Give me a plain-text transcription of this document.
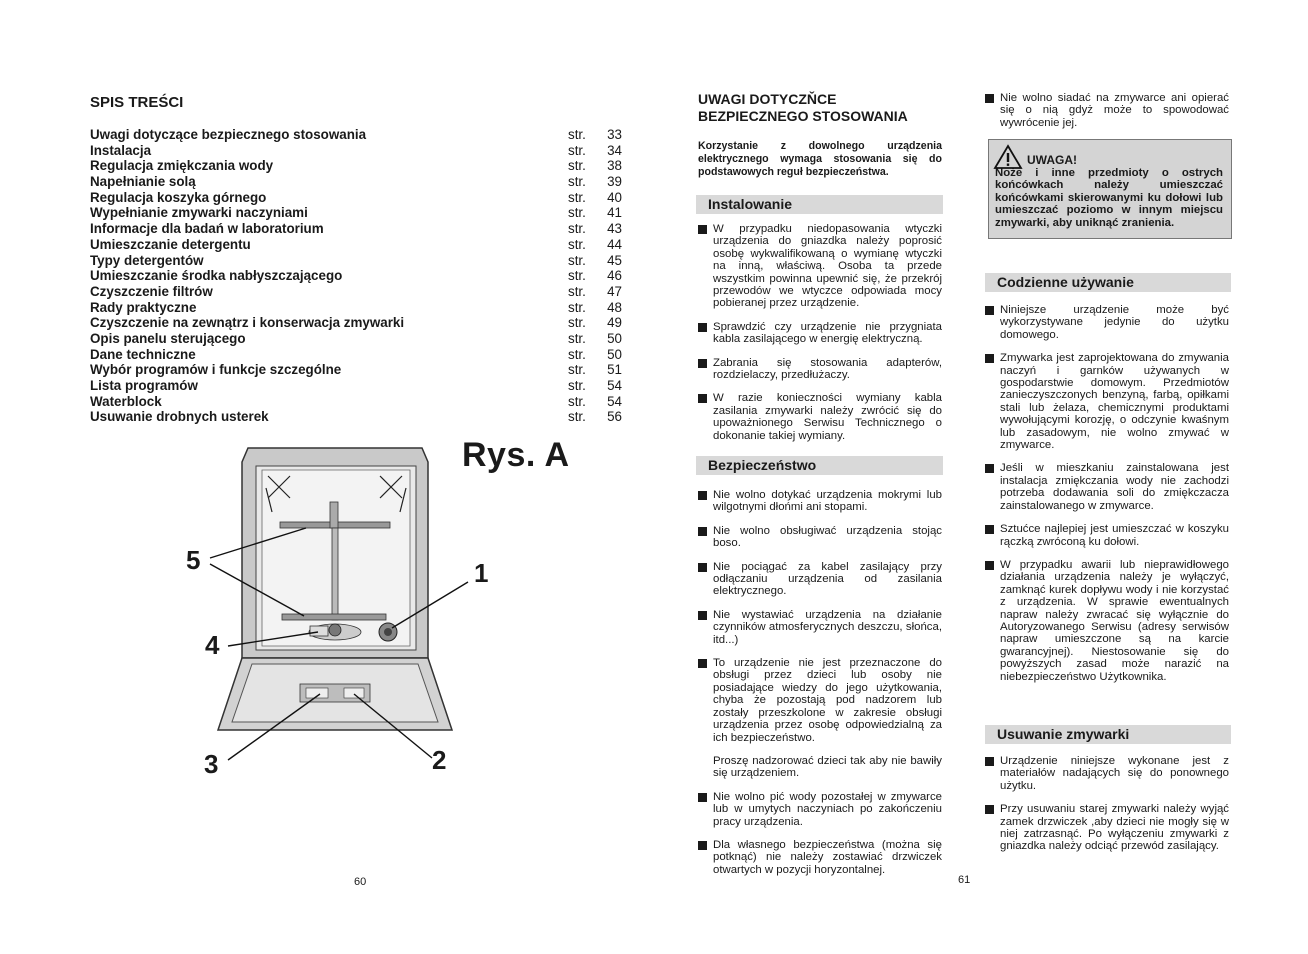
SPIS TREŚCI
Uwagi dotyczące bezpiecznego stosowania	str.	33
Instalacja	str.	34
Regulacja zmiękczania wody	str.	38
Napełnianie solą	str.	39
Regulacja koszyka górnego	str.	40
Wypełnianie zmywarki naczyniami	str.	41
Informacje dla badań w laboratorium	str.	43
Umieszczanie detergentu	str.	44
Typy detergentów	str.	45
Umieszczanie środka nabłyszczającego	str.	46
Czyszczenie filtrów	str.	47
Rady praktyczne	str.	48
Czyszczenie na zewnątrz i konserwacja zmywarki	str.	49
Opis panelu sterującego	str.	50
Dane techniczne	str.	50
Wybór programów i funkcje szczególne	str.	51
Lista programów	str.	54
Waterblock	str.	54
Usuwanie drobnych usterek	str.	56
Rys. A
5	1
4
3	2
60
UWAGI DOTYCZŇCE
BEZPIECZNEGO STOSOWANIA
Korzystanie z dowolnego urządzenia elektrycznego wymaga stosowania się do podstawowych reguł bezpieczeństwa.
Instalowanie
W przypadku niedopasowania wtyczki urządzenia do gniazdka należy poprosić osobę wykwalifikowaną o wymianę wtyczki na inną, właściwą. Osoba ta przede wszystkim powinna upewnić się, że przekrój przewodów we wtyczce odpowiada mocy pobieranej przez urządzenie.
Sprawdzić czy urządzenie nie przygniata kabla zasilającego w energię elektryczną.
Zabrania się stosowania adapterów, rozdzielaczy, przedłużaczy.
W razie konieczności wymiany kabla zasilania zmywarki należy zwrócić się do upoważnionego Serwisu Technicznego o dokonanie takiej wymiany.
Bezpieczeństwo
Nie wolno dotykać urządzenia mokrymi lub wilgotnymi dłońmi ani stopami.
Nie wolno obsługiwać urządzenia stojąc boso.
Nie pociągać za kabel zasilający przy odłączaniu urządzenia od zasilania elektrycznego.
Nie wystawiać urządzenia na działanie czynników atmosferycznych deszczu, słońca, itd...)
To urządzenie nie jest przeznaczone do obsługi przez dzieci lub osoby nie posiadające wiedzy do jego użytkowania, chyba że pozostają pod nadzorem lub zostały przeszkolone w zakresie obsługi urządzenia przez osobę odpowiedzialną za ich bezpieczeństwo.
Proszę nadzorować dzieci tak aby nie bawiły się urządzeniem.
Nie wolno pić wody pozostałej w zmywarce lub w umytych naczyniach po zakończeniu pracy urządzenia.
Dla własnego bezpieczeństwa (można się potknąć) nie należy zostawiać drzwiczek otwartych w pozycji horyzontalnej.
Nie wolno siadać na zmywarce ani opierać się o nią gdyż może to spowodować wywrócenie jej.
UWAGA!
Noże i inne przedmioty o ostrych końcówkach należy umieszczać końcówkami skierowanymi ku dołowi lub umieszczać poziomo w innym miejscu zmywarki, aby uniknąć zranienia.
Codzienne używanie
Niniejsze urządzenie może być wykorzystywane jedynie do użytku domowego.
Zmywarka jest zaprojektowana do zmywania naczyń i garnków używanych w gospodarstwie domowym. Przedmiotów zanieczyszczonych benzyną, farbą, opiłkami stali lub żelaza, chemicznymi produktami wywołującymi korozję, o odczynie kwaśnym lub zasadowym, nie wolno zmywać w zmywarce.
Jeśli w mieszkaniu zainstalowana jest instalacja zmiękczania wody nie zachodzi potrzeba dodawania soli do zmiękczacza zainstalowanego w zmywarce.
Sztućce najlepiej jest umieszczać w koszyku rączką zwróconą ku dołowi.
W przypadku awarii lub nieprawidłowego działania urządzenia należy je wyłączyć, zamknąć kurek dopływu wody i nie korzystać z urządzenia. W sprawie ewentualnych napraw należy zwracać się wyłącznie do Autoryzowanego Serwisu (adresy serwisów napraw umieszczone są na karcie gwarancyjnej). Niestosowanie się do powyższych zasad może narazić na niebezpieczeństwo Użytkownika.
Usuwanie zmywarki
Urządzenie niniejsze wykonane jest z materiałów nadających się do ponownego użytku.
Przy usuwaniu starej zmywarki należy wyjąć zamek drzwiczek ,aby dzieci nie mogły się w niej zatrzasnąć. Po wyłączeniu zmywarki z gniazdka należy odciąć przewód zasilający.
61
